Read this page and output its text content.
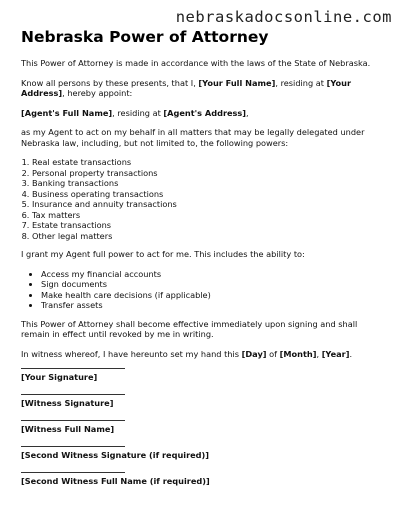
nebraskadocsonline.com
Nebraska Power of Attorney

This Power of Attorney is made in accordance with the laws of the State of Nebraska.

Know all persons by these presents, that I, [Your Full Name], residing at [Your Address], hereby appoint:

[Agent's Full Name], residing at [Agent's Address],

as my Agent to act on my behalf in all matters that may be legally delegated under Nebraska law, including, but not limited to, the following powers:

1. Real estate transactions
2. Personal property transactions
3. Banking transactions
4. Business operating transactions
5. Insurance and annuity transactions
6. Tax matters
7. Estate transactions
8. Other legal matters

I grant my Agent full power to act for me. This includes the ability to:

• Access my financial accounts
• Sign documents
• Make health care decisions (if applicable)
• Transfer assets

This Power of Attorney shall become effective immediately upon signing and shall remain in effect until revoked by me in writing.

In witness whereof, I have hereunto set my hand this [Day] of [Month], [Year].

[Your Signature]
[Witness Signature]
[Witness Full Name]
[Second Witness Signature (if required)]
[Second Witness Full Name (if required)]
